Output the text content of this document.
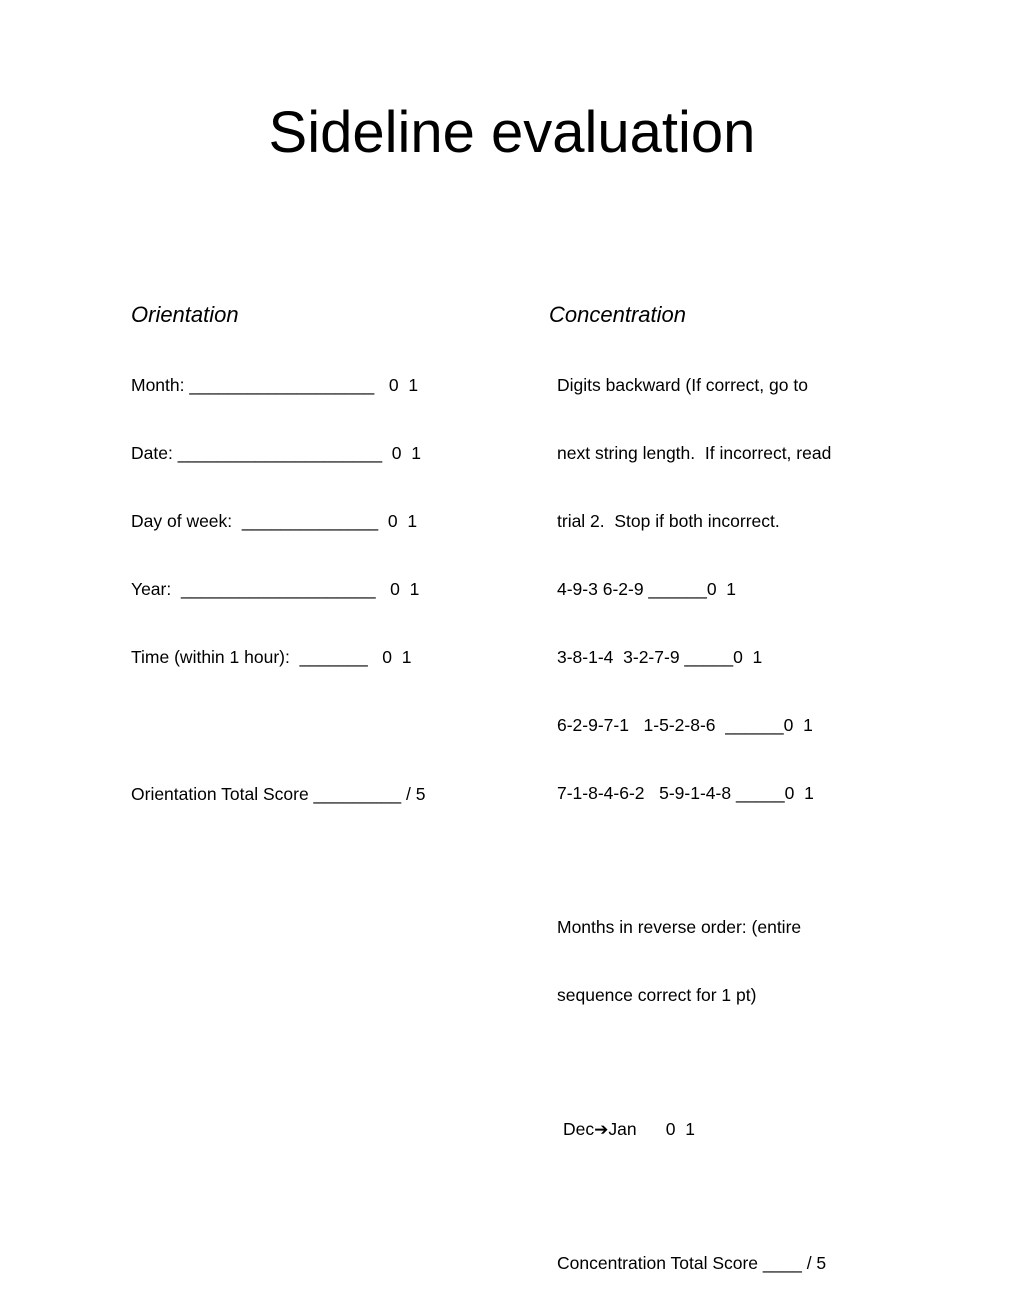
Sideline evaluation

Orientation

Month: ___________________   0  1

Date: _____________________  0  1

Day of week:  ______________  0  1

Year:  ____________________   0  1

Time (within 1 hour):  _______   0  1

Orientation Total Score _________ / 5

Concentration

Digits backward (If correct, go to

next string length.  If incorrect, read

trial 2.  Stop if both incorrect.

4-9-3 6-2-9 ______0  1

3-8-1-4  3-2-7-9 _____0  1

6-2-9-7-1   1-5-2-8-6  ______0  1

7-1-8-4-6-2   5-9-1-4-8 _____0  1

Months in reverse order: (entire

sequence correct for 1 pt)

Dec➔Jan      0  1

Concentration Total Score ____ / 5
